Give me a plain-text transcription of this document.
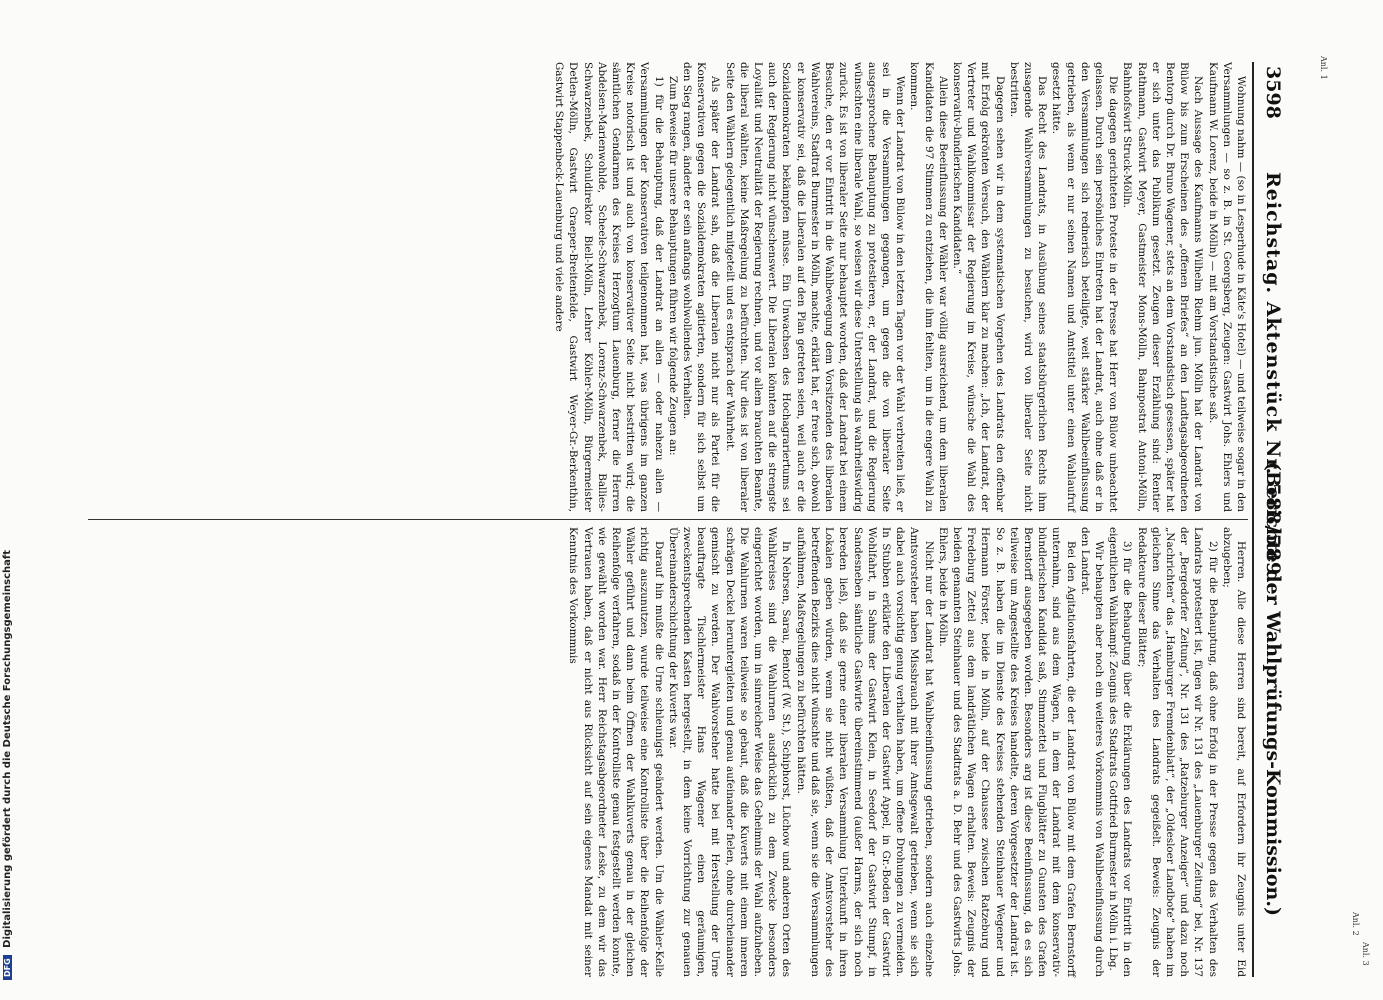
3598
Reichstag. Aktenstück Nr. 588/589.
(Berichte der Wahlprüfungs-Kommission.)

Wohnung nahm — (so in Lesperhude in Käte's Hotel) — und teilweise sogar in den Versammlungen — so z. B. in St. Georgsberg, Zeugen: Gastwirt Johs. Ehlers und Kaufmann W. Lorenz, beide in Mölln) — mit am Vorstandstische saß.

Nach Aussage des Kaufmanns Wilhelm Riehm jun. Mölln hat der Landrat von Bülow bis zum Erscheinen des „offenen Briefes“ an den Landtagsabgeordneten Bentorp durch Dr. Bruno Wagener, stets an dem Vorstandstisch gesessen, später hat er sich unter das Publikum gesetzt. Zeugen dieser Erzählung sind: Rentier Rathmann, Gastwirt Meyer, Gastmeister Mons-Mölln, Bahnpostrat Antoni-Mölln, Bahnhofswirt Struck-Mölln.

Die dagegen gerichteten Proteste in der Presse hat Herr von Bülow unbeachtet gelassen. Durch sein persönliches Eintreten hat der Landrat, auch ohne daß er in den Versammlungen sich rednerisch beteiligte, weit stärker Wahlbeeinflussung getrieben, als wenn er nur seinen Namen und Amtstitel unter einen Wahlaufruf gesetzt hätte.

Das Recht des Landrats, in Ausübung seines staatsbürgerlichen Rechts ihm zusagende Wahlversammlungen zu besuchen, wird von liberaler Seite nicht bestritten.

Dagegen sehen wir in dem systematischen Vorgehen des Landrats den offenbar mit Erfolg gekrönten Versuch, den Wählern klar zu machen: „Ich, der Landrat, der Vertreter und Wahlkommissar der Regierung im Kreise, wünsche die Wahl des konservativ-bündlerischen Kandidaten.“

Allein diese Beeinflussung der Wähler war völlig ausreichend, um dem liberalen Kandidaten die 97 Stimmen zu entziehen, die ihm fehlten, um in die engere Wahl zu kommen.

Wenn der Landrat von Bülow in den letzten Tagen vor der Wahl verbreiten ließ, er sei in die Versammlungen gegangen, um gegen die von liberaler Seite ausgesprochene Behauptung zu protestieren, er, der Landrat, und die Regierung wünschten eine liberale Wahl, so weisen wir diese Unterstellung als wahrheitswidrig zurück. Es ist von liberaler Seite nur behauptet worden, daß der Landrat bei einem Besuche, den er vor Eintritt in die Wahlbewegung dem Vorsitzenden des liberalen Wahlvereins, Stadtrat Burmester in Mölln, machte, erklärt hat, er freue sich, obwohl er konservativ sei, daß die Liberalen auf den Plan getreten seien, weil auch er die Sozialdemokraten bekämpfen müsse. Ein Unwachsen des Hochagrariertums sei auch der Regierung nicht wünschenswert. Die Liberalen könnten auf die strengste Loyalität und Neutralität der Regierung rechnen, und vor allem brauchten Beamte, die liberal wählten, keine Maßregelung zu befürchten. Nur dies ist von liberaler Seite den Wählern gelegentlich mitgeteilt und es entsprach der Wahrheit.

Als später der Landrat sah, daß die Liberalen nicht nur als Partei für die Konservativen gegen die Sozialdemokraten agitierten, sondern für sich selbst um den Sieg rangen, änderte er sein anfangs wohlwollendes Verhalten.

Zum Beweise für unsere Behauptungen führen wir folgende Zeugen an:

1) für die Behauptung, daß der Landrat an allen — oder nahezu allen — Versammlungen der Konservativen teilgenommen hat, was übrigens im ganzen Kreise notorisch ist und auch von konservativer Seite nicht bestritten wird; die sämtlichen Gendarmen des Kreises Herzogtum Lauenburg, ferner die Herren Abdelsen-Marienwohlde, Scheele-Schwarzenbek, Lorenz-Schwarzenbek, Ballies-Schwarzenbek, Schuldirektor Biell-Mölln, Lehrer Köhler-Mölln, Bürgermeister Detlen-Mölln, Gastwirt Graeper-Breitenfelde, Gastwirt Weyer-Gr.-Berkenthin, Gastwirt Stappenbeck-Lauenburg und viele andere

Herren. Alle diese Herren sind bereit, auf Erfordern ihr Zeugnis unter Eid abzugeben;

2) für die Behauptung, daß ohne Erfolg in der Presse gegen das Verhalten des Landrats protestiert ist, fügen wir Nr. 131 des „Lauenburger Zeitung“ bei, Nr. 137 der „Bergedorfer Zeitung“, Nr. 131 des „Ratzeburger Anzeiger“ und dazu noch „Nachrichten“ das „Hamburger Fremdenblatt“, der „Oldesloer Landbote“ haben im gleichen Sinne das Verhalten des Landrats gegeißelt. Beweis: Zeugnis der Redakteure dieser Blätter;

3) für die Behauptung über die Erklärungen des Landrats vor Eintritt in den eigentlichen Wahlkampf: Zeugnis des Stadtrats Gottfried Burmester in Mölln i. Lbg.

Wir behaupten aber noch ein weiteres Vorkommnis von Wahlbeeinflussung durch den Landrat.

Bei den Agitationsfahrten, die der Landrat von Bülow mit dem Grafen Bernstorff unternahm, sind aus dem Wagen, in dem der Landrat mit dem konservativ-bündlerischen Kandidat saß, Stimmzettel und Flugblätter zu Gunsten des Grafen Bernstorff ausgegeben worden. Besonders arg ist diese Beeinflussung, da es sich teilweise um Angestellte des Kreises handelte, deren Vorgesetzter der Landrat ist. So z. B. haben die im Dienste des Kreises stehenden Steinhauer Wegener und Hermann Förster, beide in Mölln, auf der Chaussee zwischen Ratzeburg und Fredeburg Zettel aus dem landrätlichen Wagen erhalten. Beweis: Zeugnis der beiden genannten Steinhauer und des Stadtrats a. D. Behr und des Gastwirts Johs. Ehlers, beide in Mölln.

Nicht nur der Landrat hat Wahlbeeinflussung getrieben, sondern auch einzelne Amtsvorsteher haben Missbrauch mit ihrer Amtsgewalt getrieben, wenn sie sich dabei auch vorsichtig genug verhalten haben, um offene Drohungen zu vermeiden. In Stubben erklärte den Liberalen der Gastwirt Appel, in Gr.-Boden der Gastwirt Wohlfahrt, in Sahms der Gastwirt Klein, in Seedorf der Gastwirt Stumpf, in Sandesneben sämtliche Gastwirte übereinstimmend (außer Harms, der sich noch bereden ließ), daß sie gerne einer liberalen Versammlung Unterkunft in ihren Lokalen geben würden, wenn sie nicht wüßten, daß der Amtsvorsteher des betreffenden Bezirks dies nicht wünschte und daß sie, wenn sie die Versammlungen aufnähmen, Maßregelungen zu befürchten hätten.

In Nebrsen, Sarau, Bentorf (W. St.), Schiphorst, Lüchow und anderen Orten des Wahlkreises sind die Wahlurnen ausdrücklich zu dem Zwecke besonders eingerichtet worden, um in sinnreicher Weise das Geheimnis der Wahl aufzuheben. Die Wahlurnen waren teilweise so gebaut, daß die Kuverts mit einem inneren schrägen Deckel heruntergleiten und genau aufeinander fielen, ohne durcheinander gemischt zu werden. Der Wahlvorsteher hatte bei mit Herstellung der Urne beauftragte Tischlermeister Hans Wagener einen geräumigen, zweckentsprechenden Kasten hergestellt, in dem keine Vorrichtung zur genauen Übereinanderschichtung der Kuverts war.

Darauf hin mußte die Urne schleunigst geändert werden. Um die Wähler-Kelle richtig auszunutzen, wurde teilweise eine Kontrolliste über die Reihenfolge der Wähler geführt und dann beim Öffnen der Wahlkuverts genau in der gleichen Reihenfolge verfahren, sodaß in der Kontrolliste genau festgestellt werden konnte, wie gewählt worden war. Herr Reichstagsabgeordneter Leske, zu dem wir das Vertrauen haben, daß er nicht aus Rücksicht auf sein eigenes Mandat mit seiner Kenntnis des Vorkommnis

Anl. 1
Anl. 2
Anl. 3
DFG Digitalisierung gefördert durch die Deutsche Forschungsgemeinschaft
